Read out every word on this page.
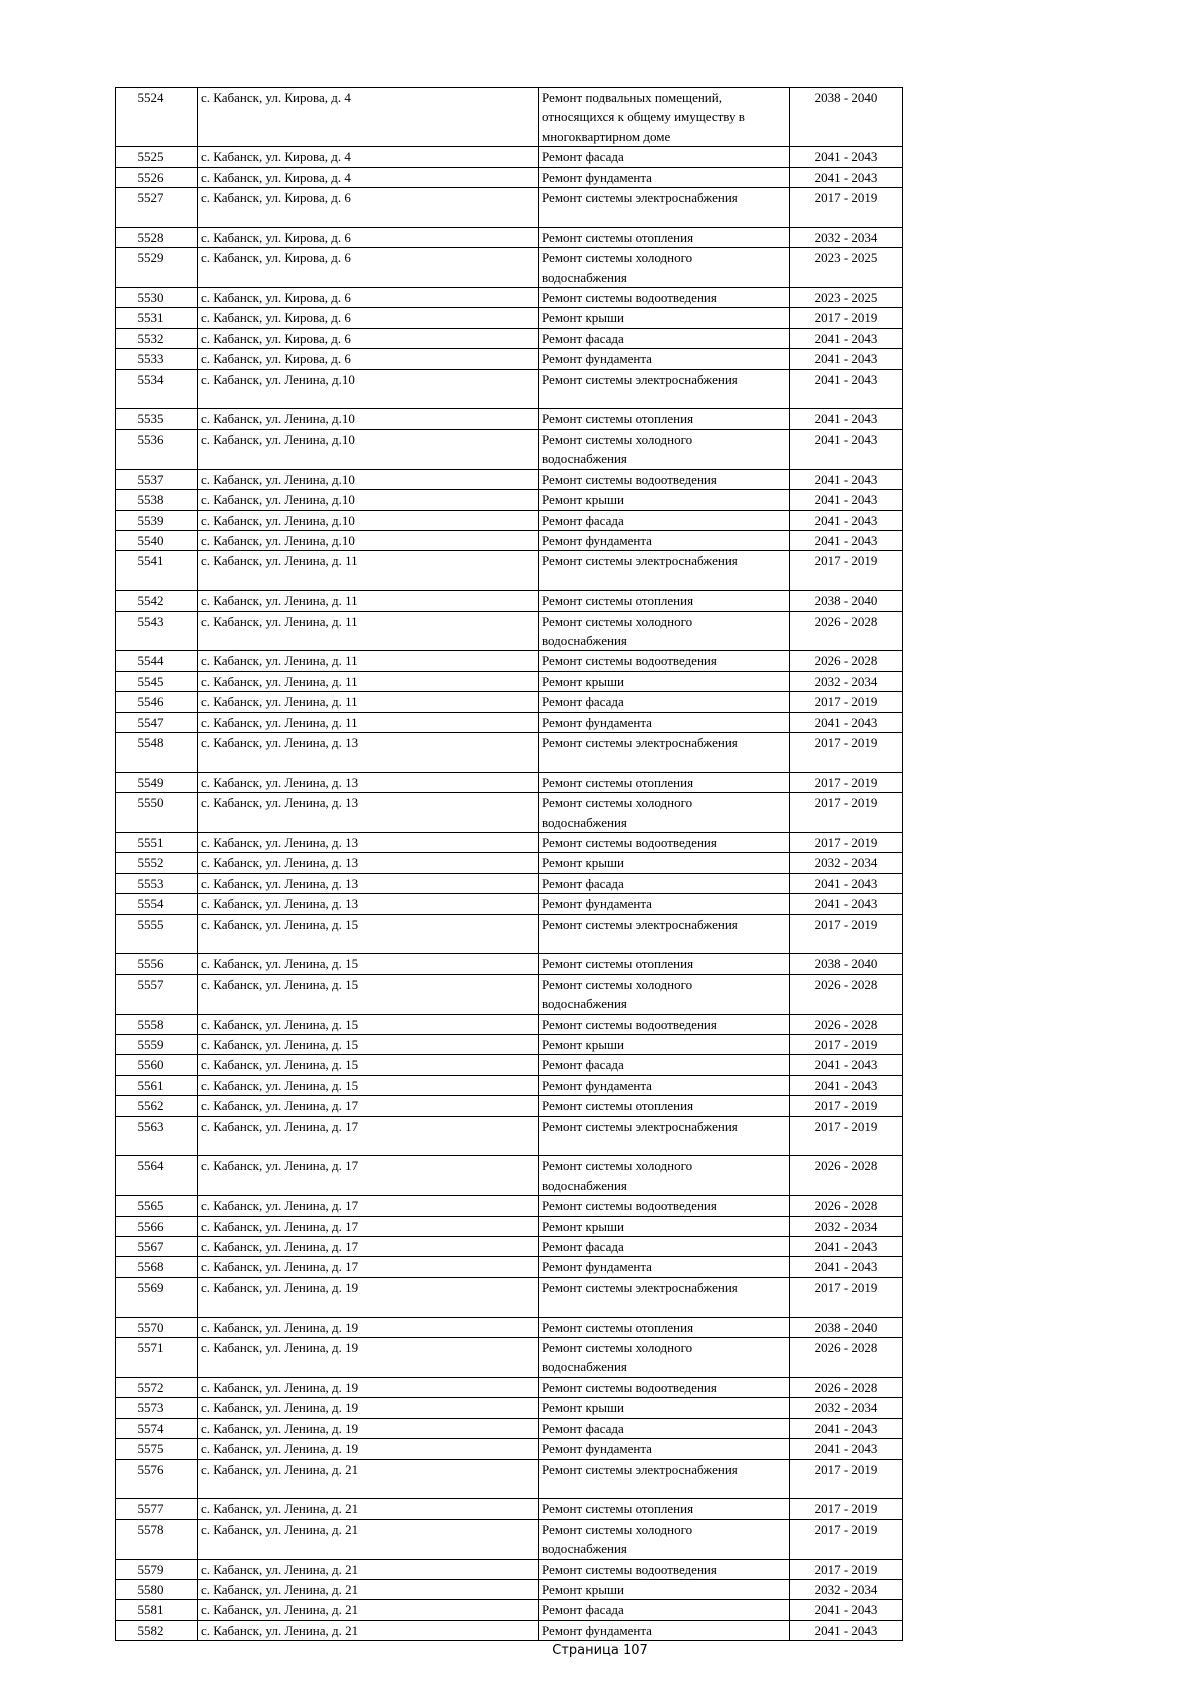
5524	с. Кабанск, ул. Кирова, д. 4	Ремонт подвальных помещений, относящихся к общему имуществу в многоквартирном доме	2038 - 2040
5525	с. Кабанск, ул. Кирова, д. 4	Ремонт фасада	2041 - 2043
5526	с. Кабанск, ул. Кирова, д. 4	Ремонт фундамента	2041 - 2043
5527	с. Кабанск, ул. Кирова, д. 6	Ремонт системы электроснабжения	2017 - 2019
5528	с. Кабанск, ул. Кирова, д. 6	Ремонт системы отопления	2032 - 2034
5529	с. Кабанск, ул. Кирова, д. 6	Ремонт системы холодного водоснабжения	2023 - 2025
5530	с. Кабанск, ул. Кирова, д. 6	Ремонт системы водоотведения	2023 - 2025
5531	с. Кабанск, ул. Кирова, д. 6	Ремонт крыши	2017 - 2019
5532	с. Кабанск, ул. Кирова, д. 6	Ремонт фасада	2041 - 2043
5533	с. Кабанск, ул. Кирова, д. 6	Ремонт фундамента	2041 - 2043
5534	с. Кабанск, ул. Ленина, д.10	Ремонт системы электроснабжения	2041 - 2043
5535	с. Кабанск, ул. Ленина, д.10	Ремонт системы отопления	2041 - 2043
5536	с. Кабанск, ул. Ленина, д.10	Ремонт системы холодного водоснабжения	2041 - 2043
5537	с. Кабанск, ул. Ленина, д.10	Ремонт системы водоотведения	2041 - 2043
5538	с. Кабанск, ул. Ленина, д.10	Ремонт крыши	2041 - 2043
5539	с. Кабанск, ул. Ленина, д.10	Ремонт фасада	2041 - 2043
5540	с. Кабанск, ул. Ленина, д.10	Ремонт фундамента	2041 - 2043
5541	с. Кабанск, ул. Ленина, д. 11	Ремонт системы электроснабжения	2017 - 2019
5542	с. Кабанск, ул. Ленина, д. 11	Ремонт системы отопления	2038 - 2040
5543	с. Кабанск, ул. Ленина, д. 11	Ремонт системы холодного водоснабжения	2026 - 2028
5544	с. Кабанск, ул. Ленина, д. 11	Ремонт системы водоотведения	2026 - 2028
5545	с. Кабанск, ул. Ленина, д. 11	Ремонт крыши	2032 - 2034
5546	с. Кабанск, ул. Ленина, д. 11	Ремонт фасада	2017 - 2019
5547	с. Кабанск, ул. Ленина, д. 11	Ремонт фундамента	2041 - 2043
5548	с. Кабанск, ул. Ленина, д. 13	Ремонт системы электроснабжения	2017 - 2019
5549	с. Кабанск, ул. Ленина, д. 13	Ремонт системы отопления	2017 - 2019
5550	с. Кабанск, ул. Ленина, д. 13	Ремонт системы холодного водоснабжения	2017 - 2019
5551	с. Кабанск, ул. Ленина, д. 13	Ремонт системы водоотведения	2017 - 2019
5552	с. Кабанск, ул. Ленина, д. 13	Ремонт крыши	2032 - 2034
5553	с. Кабанск, ул. Ленина, д. 13	Ремонт фасада	2041 - 2043
5554	с. Кабанск, ул. Ленина, д. 13	Ремонт фундамента	2041 - 2043
5555	с. Кабанск, ул. Ленина, д. 15	Ремонт системы электроснабжения	2017 - 2019
5556	с. Кабанск, ул. Ленина, д. 15	Ремонт системы отопления	2038 - 2040
5557	с. Кабанск, ул. Ленина, д. 15	Ремонт системы холодного водоснабжения	2026 - 2028
5558	с. Кабанск, ул. Ленина, д. 15	Ремонт системы водоотведения	2026 - 2028
5559	с. Кабанск, ул. Ленина, д. 15	Ремонт крыши	2017 - 2019
5560	с. Кабанск, ул. Ленина, д. 15	Ремонт фасада	2041 - 2043
5561	с. Кабанск, ул. Ленина, д. 15	Ремонт фундамента	2041 - 2043
5562	с. Кабанск, ул. Ленина, д. 17	Ремонт системы отопления	2017 - 2019
5563	с. Кабанск, ул. Ленина, д. 17	Ремонт системы электроснабжения	2017 - 2019
5564	с. Кабанск, ул. Ленина, д. 17	Ремонт системы холодного водоснабжения	2026 - 2028
5565	с. Кабанск, ул. Ленина, д. 17	Ремонт системы водоотведения	2026 - 2028
5566	с. Кабанск, ул. Ленина, д. 17	Ремонт крыши	2032 - 2034
5567	с. Кабанск, ул. Ленина, д. 17	Ремонт фасада	2041 - 2043
5568	с. Кабанск, ул. Ленина, д. 17	Ремонт фундамента	2041 - 2043
5569	с. Кабанск, ул. Ленина, д. 19	Ремонт системы электроснабжения	2017 - 2019
5570	с. Кабанск, ул. Ленина, д. 19	Ремонт системы отопления	2038 - 2040
5571	с. Кабанск, ул. Ленина, д. 19	Ремонт системы холодного водоснабжения	2026 - 2028
5572	с. Кабанск, ул. Ленина, д. 19	Ремонт системы водоотведения	2026 - 2028
5573	с. Кабанск, ул. Ленина, д. 19	Ремонт крыши	2032 - 2034
5574	с. Кабанск, ул. Ленина, д. 19	Ремонт фасада	2041 - 2043
5575	с. Кабанск, ул. Ленина, д. 19	Ремонт фундамента	2041 - 2043
5576	с. Кабанск, ул. Ленина, д. 21	Ремонт системы электроснабжения	2017 - 2019
5577	с. Кабанск, ул. Ленина, д. 21	Ремонт системы отопления	2017 - 2019
5578	с. Кабанск, ул. Ленина, д. 21	Ремонт системы холодного водоснабжения	2017 - 2019
5579	с. Кабанск, ул. Ленина, д. 21	Ремонт системы водоотведения	2017 - 2019
5580	с. Кабанск, ул. Ленина, д. 21	Ремонт крыши	2032 - 2034
5581	с. Кабанск, ул. Ленина, д. 21	Ремонт фасада	2041 - 2043
5582	с. Кабанск, ул. Ленина, д. 21	Ремонт фундамента	2041 - 2043
Страница 107
